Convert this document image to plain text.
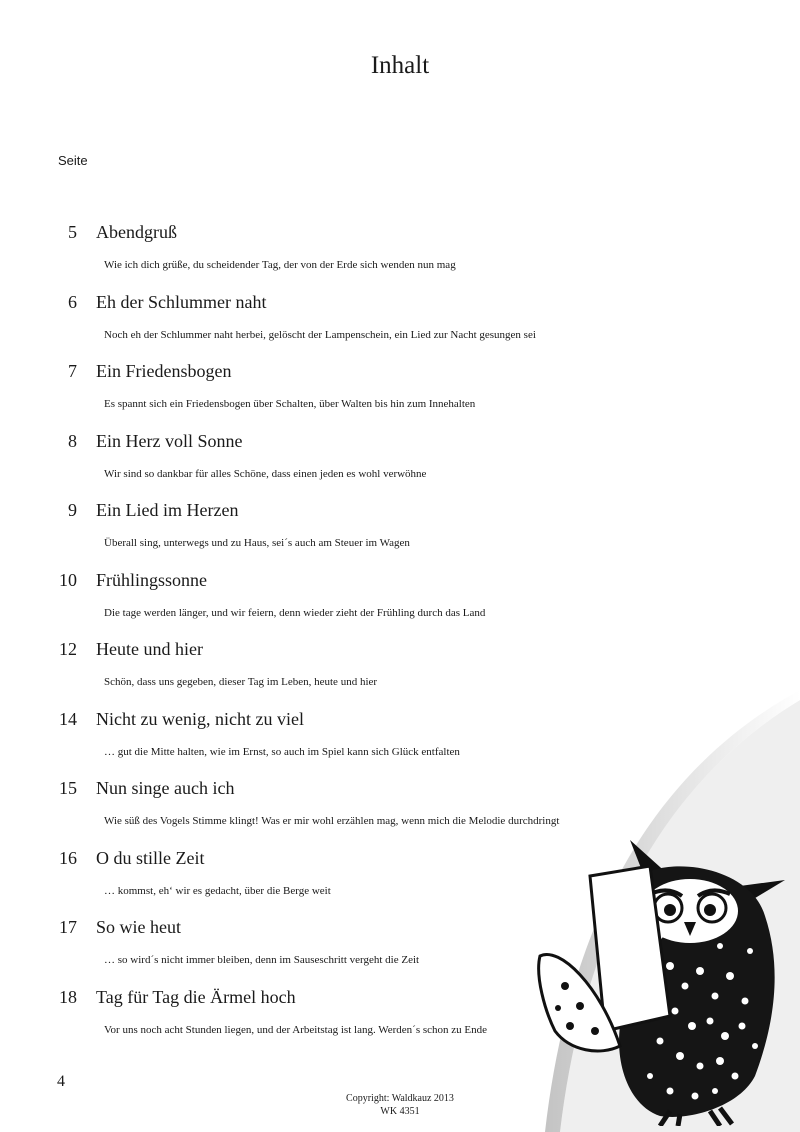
Inhalt
Seite
5 Abendgruß
Wie ich dich grüße, du scheidender Tag, der von der Erde sich wenden nun mag
6 Eh der Schlummer naht
Noch eh der Schlummer naht herbei, gelöscht der Lampenschein, ein Lied zur Nacht gesungen sei
7 Ein Friedensbogen
Es spannt sich ein Friedensbogen über Schalten, über Walten bis hin zum Innehalten
8 Ein Herz voll Sonne
Wir sind so dankbar für alles Schöne, dass einen jeden es wohl verwöhne
9 Ein Lied im Herzen
Überall sing, unterwegs und zu Haus, sei´s auch am Steuer im Wagen
10 Frühlingssonne
Die tage werden länger, und wir feiern, denn wieder zieht der Frühling durch das Land
12 Heute und hier
Schön, dass uns gegeben, dieser Tag im Leben, heute und hier
14 Nicht zu wenig, nicht zu viel
… gut die Mitte halten, wie im Ernst, so auch im Spiel kann sich Glück entfalten
15 Nun singe auch ich
Wie süß des Vogels Stimme klingt! Was er mir wohl erzählen mag, wenn mich die Melodie durchdringt
16 O du stille Zeit
… kommst, eh‘ wir es gedacht, über die Berge weit
17 So wie heut
… so wird´s nicht immer bleiben, denn im Sauseschritt vergeht die Zeit
18 Tag für Tag die Ärmel hoch
Vor uns noch acht Stunden liegen, und der Arbeitstag ist lang. Werden´s schon zu Ende
4
Copyright: Waldkauz 2013
WK 4351
